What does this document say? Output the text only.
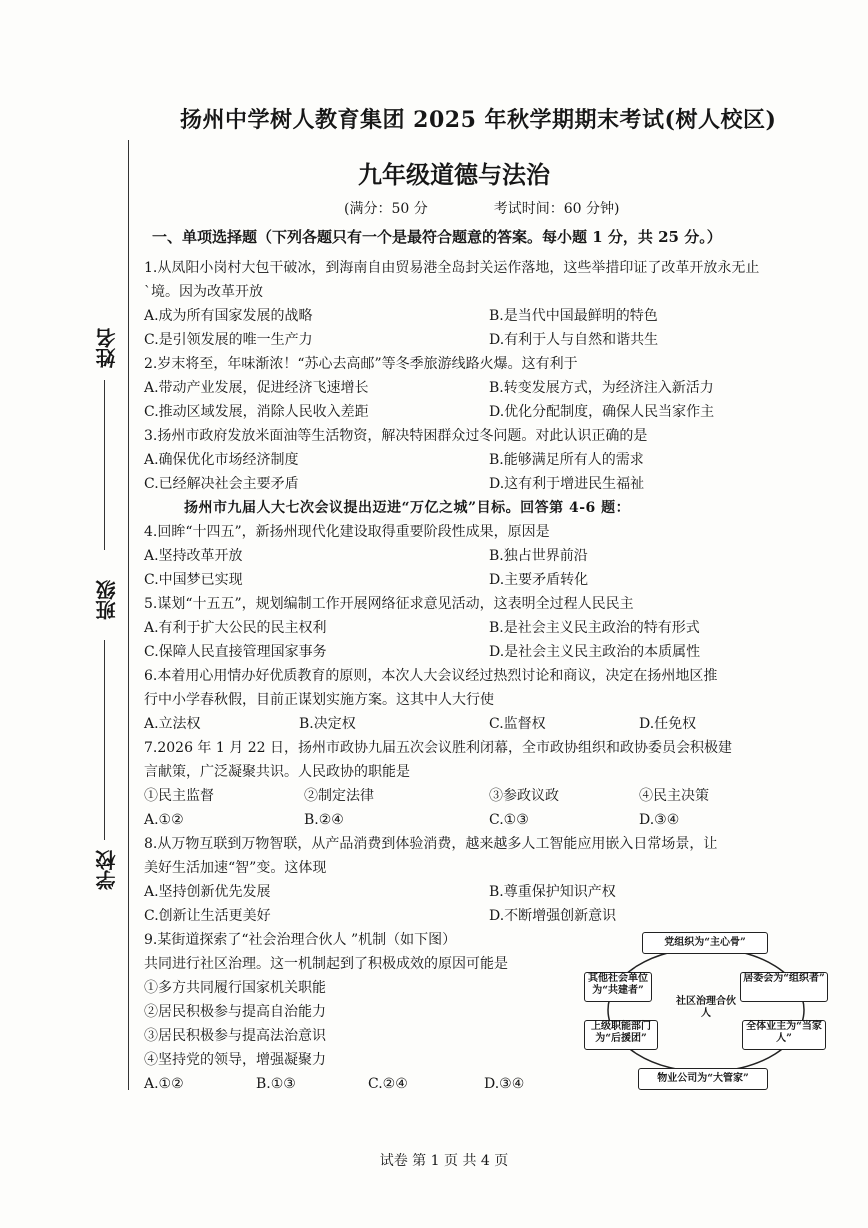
姓名
班级
学校
扬州中学树人教育集团 2025 年秋学期期末考试(树人校区)
九年级道德与法治
(满分：50 分	考试时间：60 分钟)
一、单项选择题（下列各题只有一个是最符合题意的答案。每小题 1 分，共 25 分。）
1.从凤阳小岗村大包干破冰，到海南自由贸易港全岛封关运作落地，这些举措印证了改革开放永无止
`境。因为改革开放
A.成为所有国家发展的战略	B.是当代中国最鲜明的特色
C.是引领发展的唯一生产力	D.有利于人与自然和谐共生
2.岁末将至，年味渐浓！“苏心去高邮”等冬季旅游线路火爆。这有利于
A.带动产业发展，促进经济飞速增长	B.转变发展方式，为经济注入新活力
C.推动区域发展，消除人民收入差距	D.优化分配制度，确保人民当家作主
3.扬州市政府发放米面油等生活物资，解决特困群众过冬问题。对此认识正确的是
A.确保优化市场经济制度	B.能够满足所有人的需求
C.已经解决社会主要矛盾	D.这有利于增进民生福祉
扬州市九届人大七次会议提出迈进“万亿之城”目标。回答第 4-6 题：
4.回眸“十四五”，新扬州现代化建设取得重要阶段性成果，原因是
A.坚持改革开放	B.独占世界前沿
C.中国梦已实现	D.主要矛盾转化
5.谋划“十五五”，规划编制工作开展网络征求意见活动，这表明全过程人民民主
A.有利于扩大公民的民主权利	B.是社会主义民主政治的特有形式
C.保障人民直接管理国家事务	D.是社会主义民主政治的本质属性
6.本着用心用情办好优质教育的原则，本次人大会议经过热烈讨论和商议，决定在扬州地区推
行中小学春秋假，目前正谋划实施方案。这其中人大行使
A.立法权	B.决定权	C.监督权	D.任免权
7.2026 年 1 月 22 日，扬州市政协九届五次会议胜利闭幕，全市政协组织和政协委员会积极建
言献策，广泛凝聚共识。人民政协的职能是
①民主监督	②制定法律	③参政议政	④民主决策
A.①②	B.②④	C.①③	D.③④
8.从万物互联到万物智联，从产品消费到体验消费，越来越多人工智能应用嵌入日常场景，让
美好生活加速“智”变。这体现
A.坚持创新优先发展	B.尊重保护知识产权
C.创新让生活更美好	D.不断增强创新意识
9.某街道探索了“社会治理合伙人 ”机制（如下图）
共同进行社区治理。这一机制起到了积极成效的原因可能是
①多方共同履行国家机关职能
②居民积极参与提高自治能力
③居民积极参与提高法治意识
④坚持党的领导，增强凝聚力
A.①②	B.①③	C.②④	D.③④
党组织为“主心骨”
其他社会单位为“共建者”
居委会为“组织者”
社区治理合伙人
上级职能部门为“后援团”
全体业主为“当家人”
物业公司为“大管家”
试卷 第 1 页 共 4 页
